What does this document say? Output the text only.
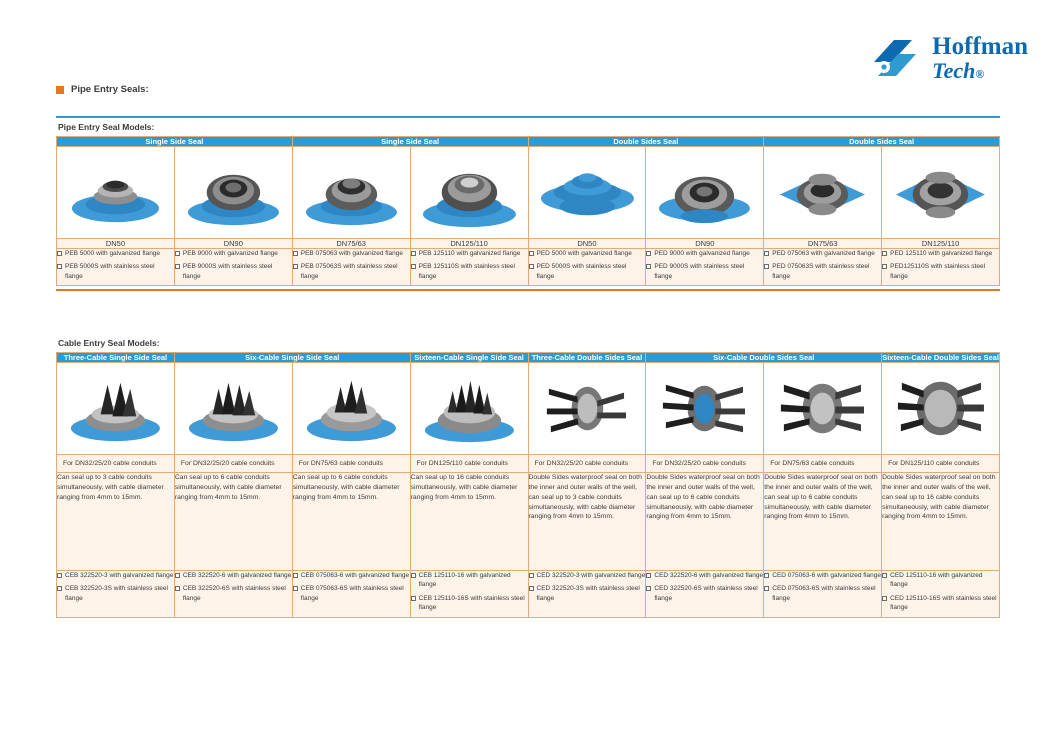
Hoffman
Tech®
Pipe Entry Seals:
Pipe Entry Seal Models:
Single Side Seal		Single Side Seal		Double Sides Seal		Double Sides Seal	

DN50	DN90	DN75/63	DN125/110	DN50	DN90	DN75/63	DN125/110

PEB 5000 with galvanized flange
PEB 5000S with stainless steel flange

PEB 9000 with galvanized flange
PEB 9000S with stainless steel flange

PEB 075063 with galvanized flange
PEB 075063S with stainless steel flange

PEB 125110 with galvanized flange
PEB 125110S with stainless steel flange

PED 5000 with galvanized flange
PED 5000S with stainless steel flange

PED 9000 with galvanized flange
PED 9000S with stainless steel flange

PED 075063 with galvanized flange
PED 075063S with stainless steel flange

PED 125110 with galvanized flange
PED125110S with stainless steel flange
Cable Entry Seal Models:
Three-Cable Single Side Seal	Six-Cable Single Side Seal		Sixteen-Cable Single Side Seal	Three-Cable Double Sides Seal	Six-Cable Double Sides Seal		Sixteen-Cable Double Sides Seal

For DN32/25/20 cable conduits	For DN32/25/20 cable conduits	For DN75/63 cable conduits	For DN125/110 cable conduits	For DN32/25/20 cable conduits	For DN32/25/20 cable conduits	For DN75/63 cable conduits	For DN125/110 cable conduits
Can seal up to 3 cable conduits simultaneously, with cable diameter ranging from 4mm to 15mm.	Can seal up to 6 cable conduits simultaneously, with cable diameter ranging from 4mm to 15mm.	Can seal up to 6 cable conduits simultaneously, with cable diameter ranging from 4mm to 15mm.	Can seal up to 16 cable conduits simultaneously, with cable diameter ranging from 4mm to 15mm.	Double Sides waterproof seal on both the inner and outer walls of the well, can seal up to 3 cable conduits simultaneously, with cable diameter ranging from 4mm to 15mm.	Double Sides waterproof seal on both the inner and outer walls of the well, can seal up to 6 cable conduits simultaneously, with cable diameter ranging from 4mm to 15mm.	Double Sides waterproof seal on both the inner and outer walls of the well, can seal up to 6 cable conduits simultaneously, with cable diameter ranging from 4mm to 15mm.	Double Sides waterproof seal on both the inner and outer walls of the well, can seal up to 16 cable conduits simultaneously, with cable diameter ranging from 4mm to 15mm.

CEB 322520-3 with galvanized flange
CEB 322520-3S with stainless steel flange

CEB 322520-6 with galvanized flange
CEB 322520-6S with stainless steel flange

CEB 075063-6 with galvanized flange
CEB 075063-6S with stainless steel flange

CEB 125110-16 with galvanized flange
CEB 125110-16S with stainless steel flange

CED 322520-3 with galvanized flange
CED 322520-3S with stainless steel flange

CED 322520-6 with galvanized flange
CED 322520-6S with stainless steel flange

CED 075063-6 with galvanized flange
CED 075063-6S with stainless steel flange

CED 125110-16 with galvanized flange
CED 125110-16S with stainless steel flange
